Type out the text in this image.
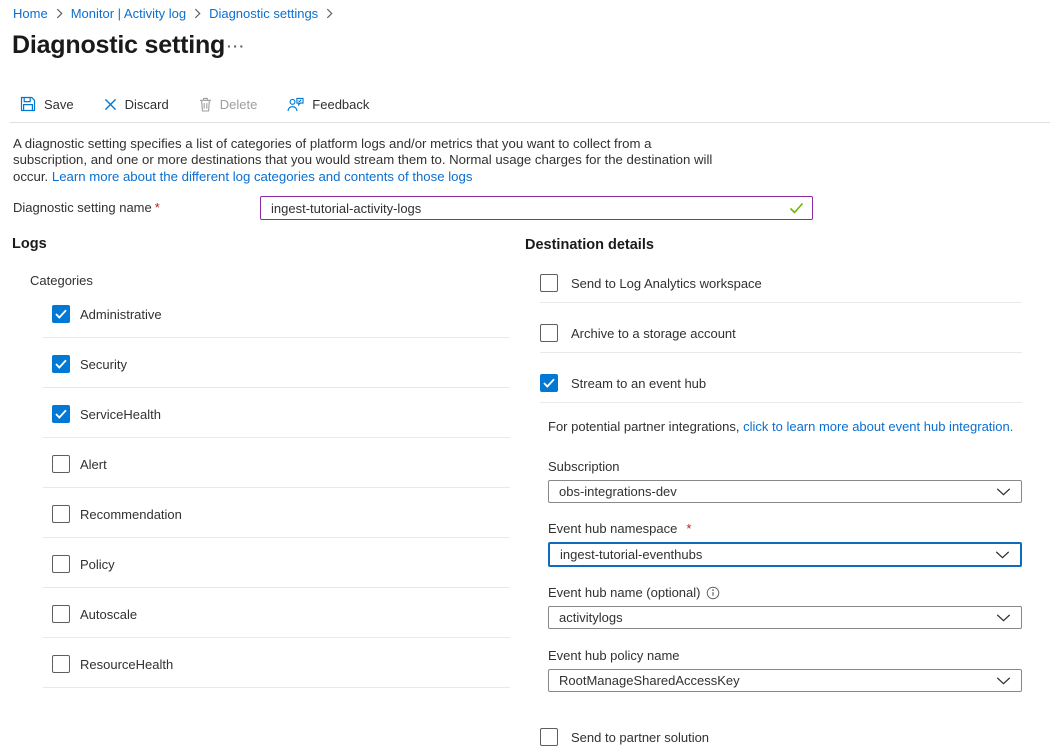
Home Monitor | Activity log Diagnostic settings
Diagnostic setting ···
Save	Discard	Delete	Feedback

A diagnostic setting specifies a list of categories of platform logs and/or metrics that you want to collect from a subscription, and one or more destinations that you would stream them to. Normal usage charges for the destination will occur. Learn more about the different log categories and contents of those logs

Diagnostic setting name *
ingest-tutorial-activity-logs
Logs
Categories
Administrative
Security
ServiceHealth
Alert
Recommendation
Policy
Autoscale
ResourceHealth
Destination details
Send to Log Analytics workspace
Archive to a storage account
Stream to an event hub
For potential partner integrations, click to learn more about event hub integration.
Subscription
obs-integrations-dev
Event hub namespace *
ingest-tutorial-eventhubs
Event hub name (optional)
activitylogs
Event hub policy name
RootManageSharedAccessKey
Send to partner solution
